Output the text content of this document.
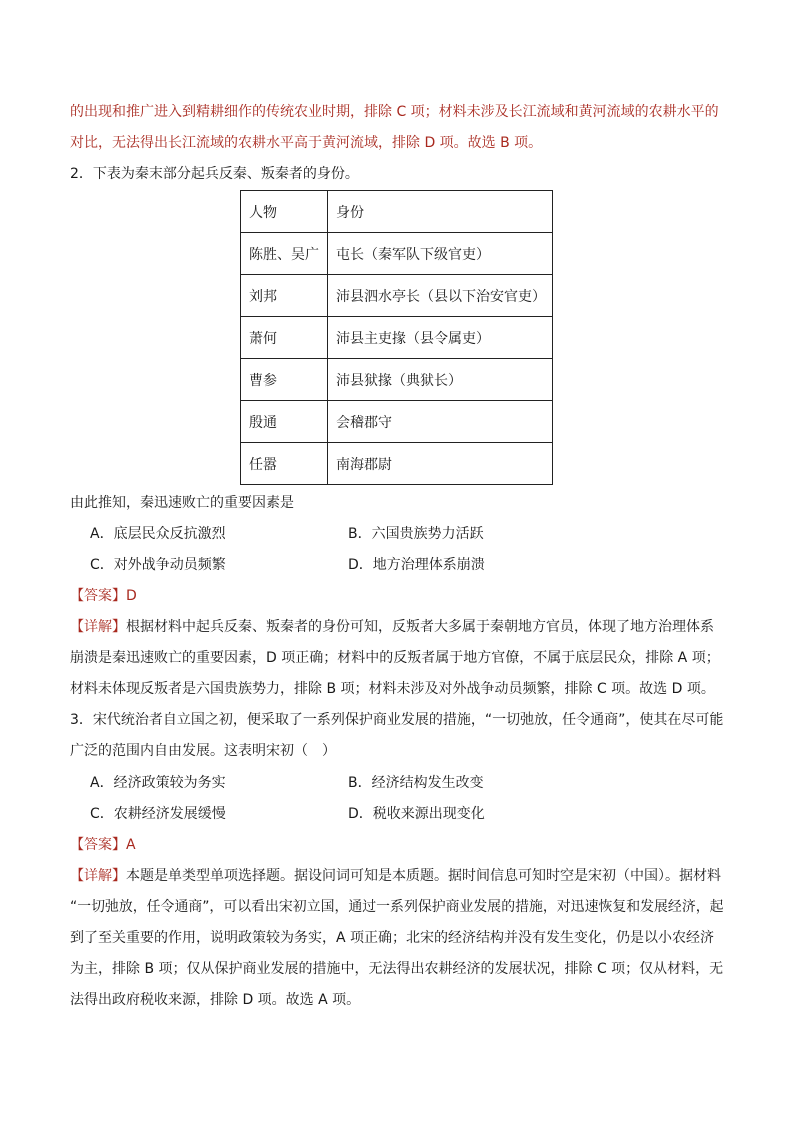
的出现和推广进入到精耕细作的传统农业时期，排除 C 项；材料未涉及长江流域和黄河流域的农耕水平的
对比，无法得出长江流域的农耕水平高于黄河流域，排除 D 项。故选 B 项。
2．下表为秦末部分起兵反秦、叛秦者的身份。
人物	身份
陈胜、吴广	屯长（秦军队下级官吏）
刘邦	沛县泗水亭长（县以下治安官吏）
萧何	沛县主吏掾（县令属吏）
曹参	沛县狱掾（典狱长）
殷通	会稽郡守
任嚣	南海郡尉
由此推知，秦迅速败亡的重要因素是
A．底层民众反抗激烈	B．六国贵族势力活跃
C．对外战争动员频繁	D．地方治理体系崩溃
【答案】D
【详解】根据材料中起兵反秦、叛秦者的身份可知，反叛者大多属于秦朝地方官员，体现了地方治理体系
崩溃是秦迅速败亡的重要因素，D 项正确；材料中的反叛者属于地方官僚，不属于底层民众，排除 A 项；
材料未体现反叛者是六国贵族势力，排除 B 项；材料未涉及对外战争动员频繁，排除 C 项。故选 D 项。
3．宋代统治者自立国之初，便采取了一系列保护商业发展的措施，“一切弛放，任令通商”，使其在尽可能
广泛的范围内自由发展。这表明宋初（　）
A．经济政策较为务实	B．经济结构发生改变
C．农耕经济发展缓慢	D．税收来源出现变化
【答案】A
【详解】本题是单类型单项选择题。据设问词可知是本质题。据时间信息可知时空是宋初（中国）。据材料
“一切弛放，任令通商”，可以看出宋初立国，通过一系列保护商业发展的措施，对迅速恢复和发展经济，起
到了至关重要的作用，说明政策较为务实，A 项正确；北宋的经济结构并没有发生变化，仍是以小农经济
为主，排除 B 项；仅从保护商业发展的措施中，无法得出农耕经济的发展状况，排除 C 项；仅从材料，无
法得出政府税收来源，排除 D 项。故选 A 项。
